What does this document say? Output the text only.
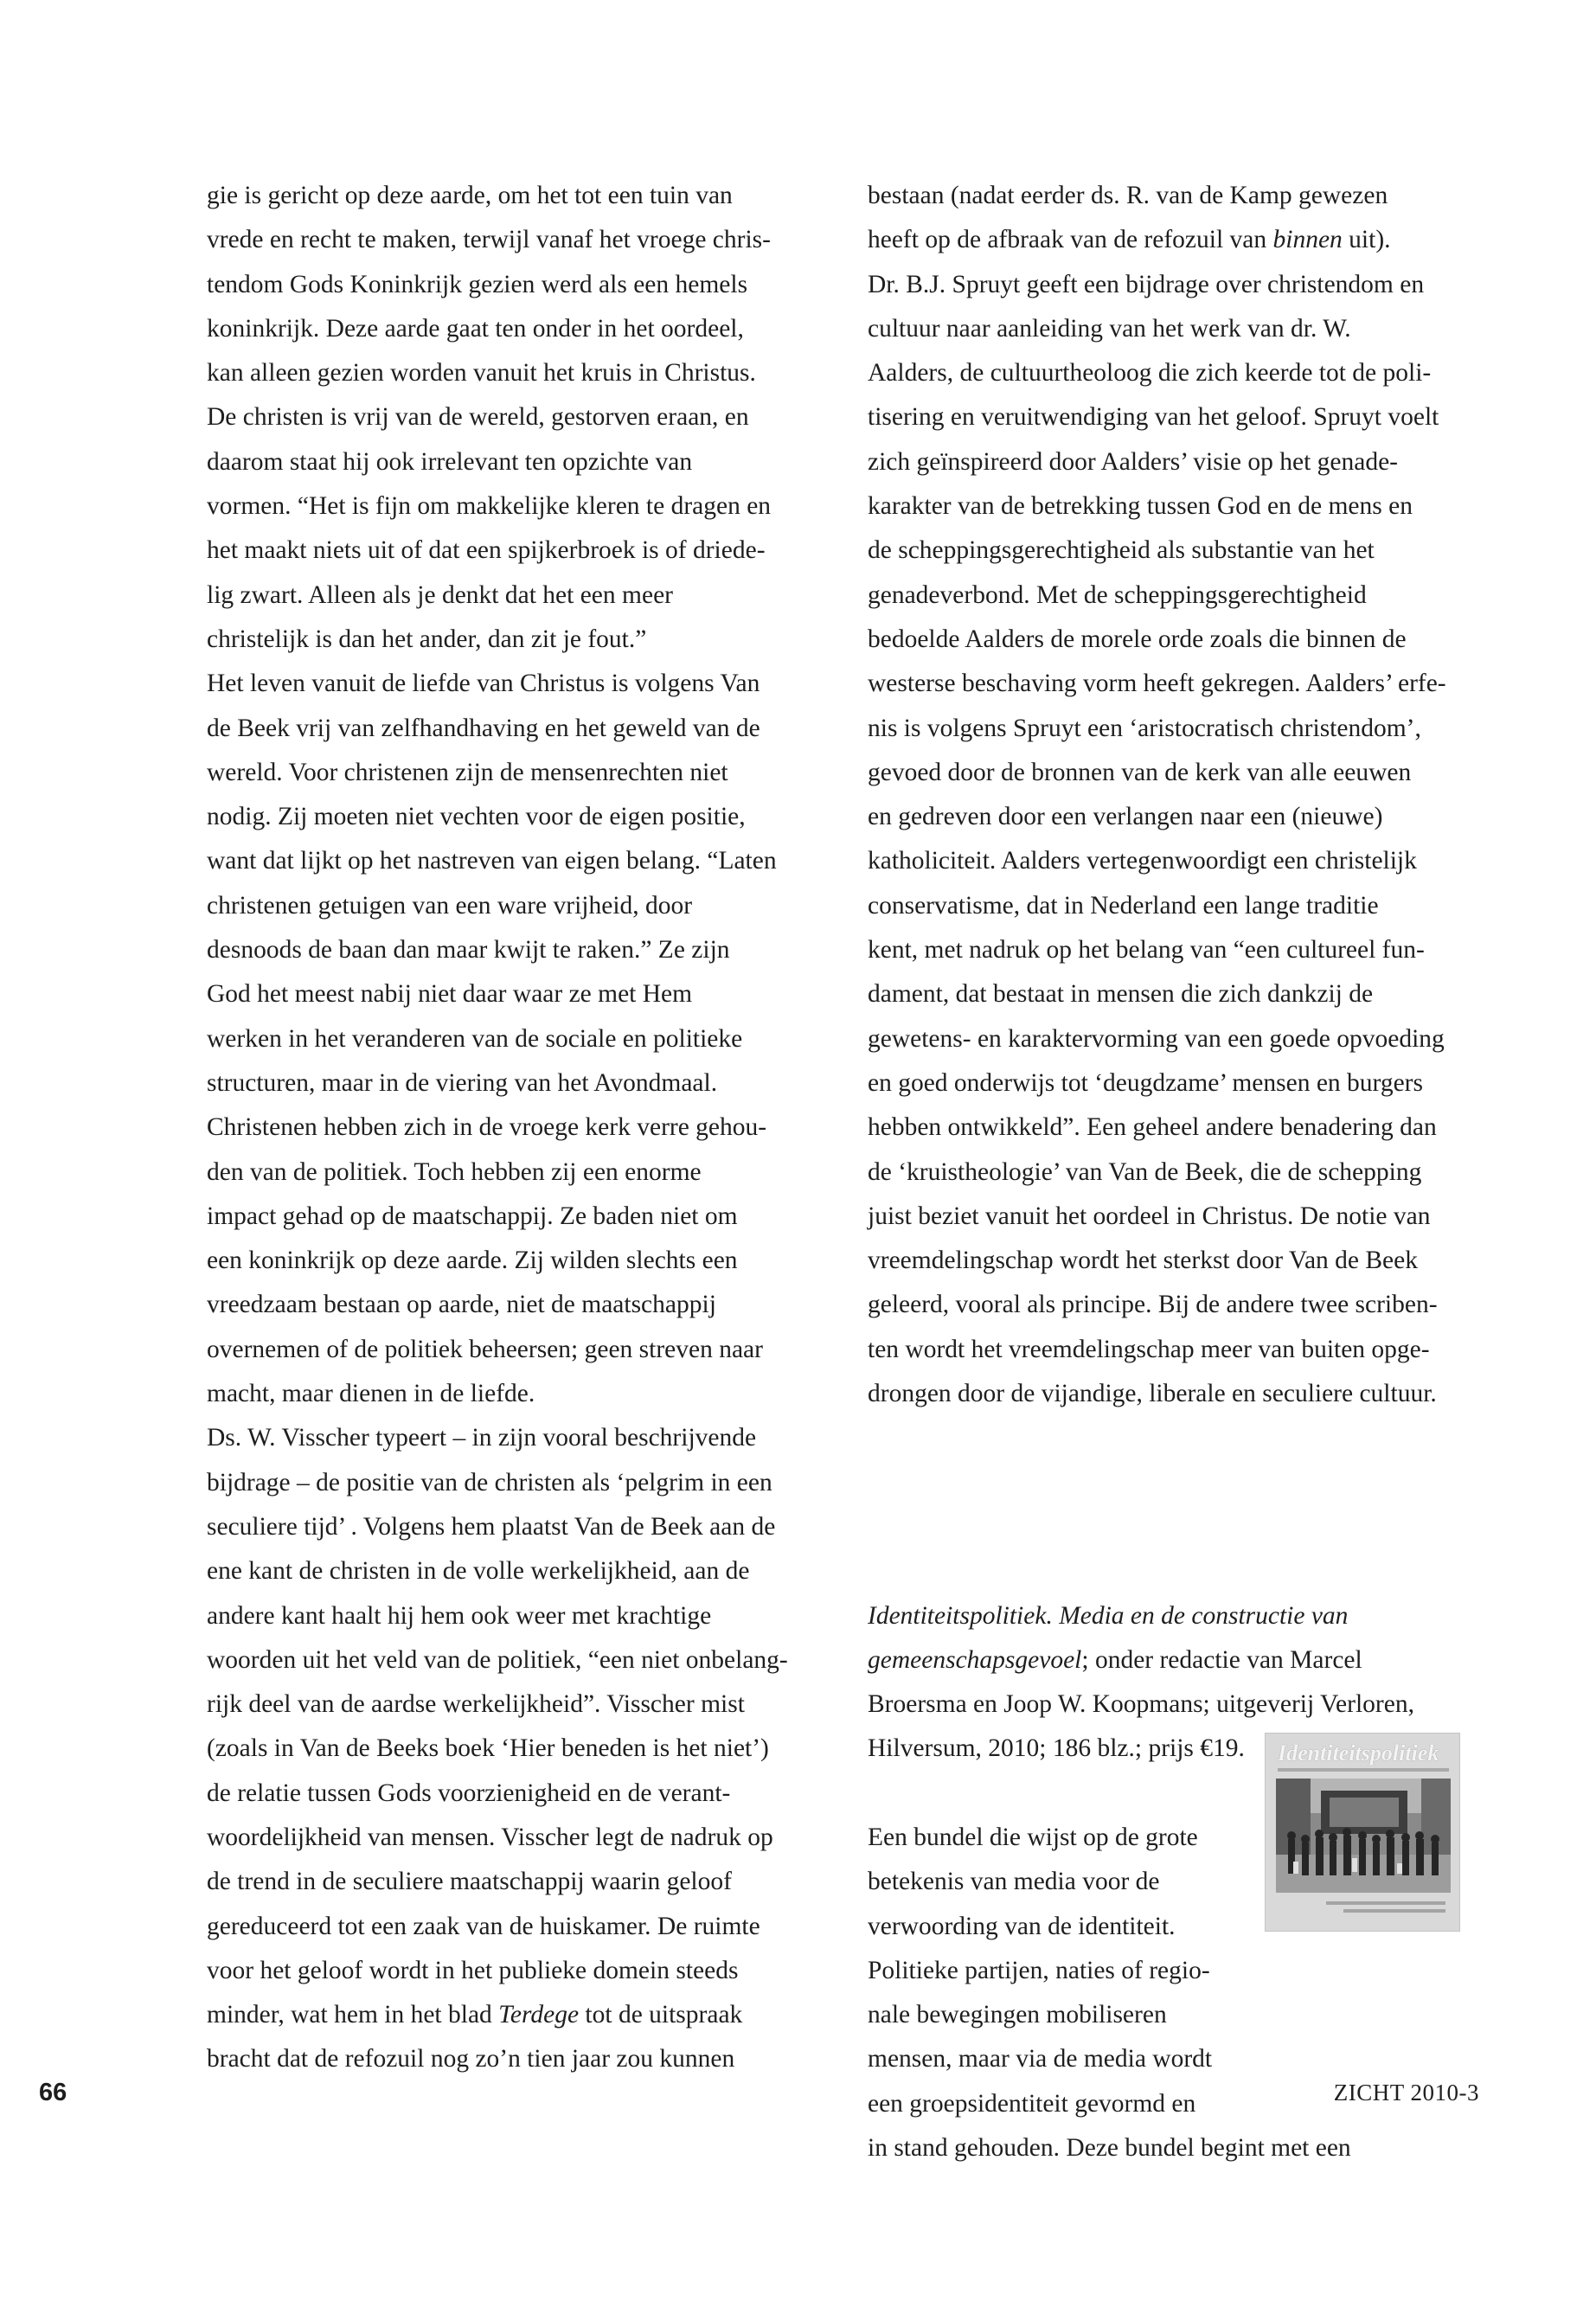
gie is gericht op deze aarde, om het tot een tuin van
vrede en recht te maken, terwijl vanaf het vroege chris-
tendom Gods Koninkrijk gezien werd als een hemels
koninkrijk. Deze aarde gaat ten onder in het oordeel,
kan alleen gezien worden vanuit het kruis in Christus.
De christen is vrij van de wereld, gestorven eraan, en
daarom staat hij ook irrelevant ten opzichte van
vormen. “Het is fijn om makkelijke kleren te dragen en
het maakt niets uit of dat een spijkerbroek is of driede-
lig zwart. Alleen als je denkt dat het een meer
christelijk is dan het ander, dan zit je fout.”
Het leven vanuit de liefde van Christus is volgens Van
de Beek vrij van zelfhandhaving en het geweld van de
wereld. Voor christenen zijn de mensenrechten niet
nodig. Zij moeten niet vechten voor de eigen positie,
want dat lijkt op het nastreven van eigen belang. “Laten
christenen getuigen van een ware vrijheid, door
desnoods de baan dan maar kwijt te raken.” Ze zijn
God het meest nabij niet daar waar ze met Hem
werken in het veranderen van de sociale en politieke
structuren, maar in de viering van het Avondmaal.
Christenen hebben zich in de vroege kerk verre gehou-
den van de politiek. Toch hebben zij een enorme
impact gehad op de maatschappij. Ze baden niet om
een koninkrijk op deze aarde. Zij wilden slechts een
vreedzaam bestaan op aarde, niet de maatschappij
overnemen of de politiek beheersen; geen streven naar
macht, maar dienen in de liefde.
Ds. W. Visscher typeert – in zijn vooral beschrijvende
bijdrage – de positie van de christen als ‘pelgrim in een
seculiere tijd’ . Volgens hem plaatst Van de Beek aan de
ene kant de christen in de volle werkelijkheid, aan de
andere kant haalt hij hem ook weer met krachtige
woorden uit het veld van de politiek, “een niet onbelang-
rijk deel van de aardse werkelijkheid”. Visscher mist
(zoals in Van de Beeks boek ‘Hier beneden is het niet’)
de relatie tussen Gods voorzienigheid en de verant-
woordelijkheid van mensen. Visscher legt de nadruk op
de trend in de seculiere maatschappij waarin geloof
gereduceerd tot een zaak van de huiskamer. De ruimte
voor het geloof wordt in het publieke domein steeds
minder, wat hem in het blad Terdege tot de uitspraak
bracht dat de refozuil nog zo’n tien jaar zou kunnen
bestaan (nadat eerder ds. R. van de Kamp gewezen
heeft op de afbraak van de refozuil van binnen uit).
Dr. B.J. Spruyt geeft een bijdrage over christendom en
cultuur naar aanleiding van het werk van dr. W.
Aalders, de cultuurtheoloog die zich keerde tot de poli-
tisering en veruitwendiging van het geloof. Spruyt voelt
zich geïnspireerd door Aalders’ visie op het genade-
karakter van de betrekking tussen God en de mens en
de scheppingsgerechtigheid als substantie van het
genadeverbond. Met de scheppingsgerechtigheid
bedoelde Aalders de morele orde zoals die binnen de
westerse beschaving vorm heeft gekregen. Aalders’ erfe-
nis is volgens Spruyt een ‘aristocratisch christendom’,
gevoed door de bronnen van de kerk van alle eeuwen
en gedreven door een verlangen naar een (nieuwe)
katholiciteit. Aalders vertegenwoordigt een christelijk
conservatisme, dat in Nederland een lange traditie
kent, met nadruk op het belang van “een cultureel fun-
dament, dat bestaat in mensen die zich dankzij de
gewetens- en karaktervorming van een goede opvoeding
en goed onderwijs tot ‘deugdzame’ mensen en burgers
hebben ontwikkeld”. Een geheel andere benadering dan
de ‘kruistheologie’ van Van de Beek, die de schepping
juist beziet vanuit het oordeel in Christus. De notie van
vreemdelingschap wordt het sterkst door Van de Beek
geleerd, vooral als principe. Bij de andere twee scriben-
ten wordt het vreemdelingschap meer van buiten opge-
drongen door de vijandige, liberale en seculiere cultuur.
Identiteitspolitiek. Media en de constructie van
gemeenschapsgevoel; onder redactie van Marcel
Broersma en Joop W. Koopmans; uitgeverij Verloren,
Hilversum, 2010; 186 blz.; prijs €19.
Een bundel die wijst op de grote
betekenis van media voor de
verwoording van de identiteit.
Politieke partijen, naties of regio-
nale bewegingen mobiliseren
mensen, maar via de media wordt
een groepsidentiteit gevormd en
in stand gehouden. Deze bundel begint met een
Identiteitspolitiek
66	ZICHT 2010-3
